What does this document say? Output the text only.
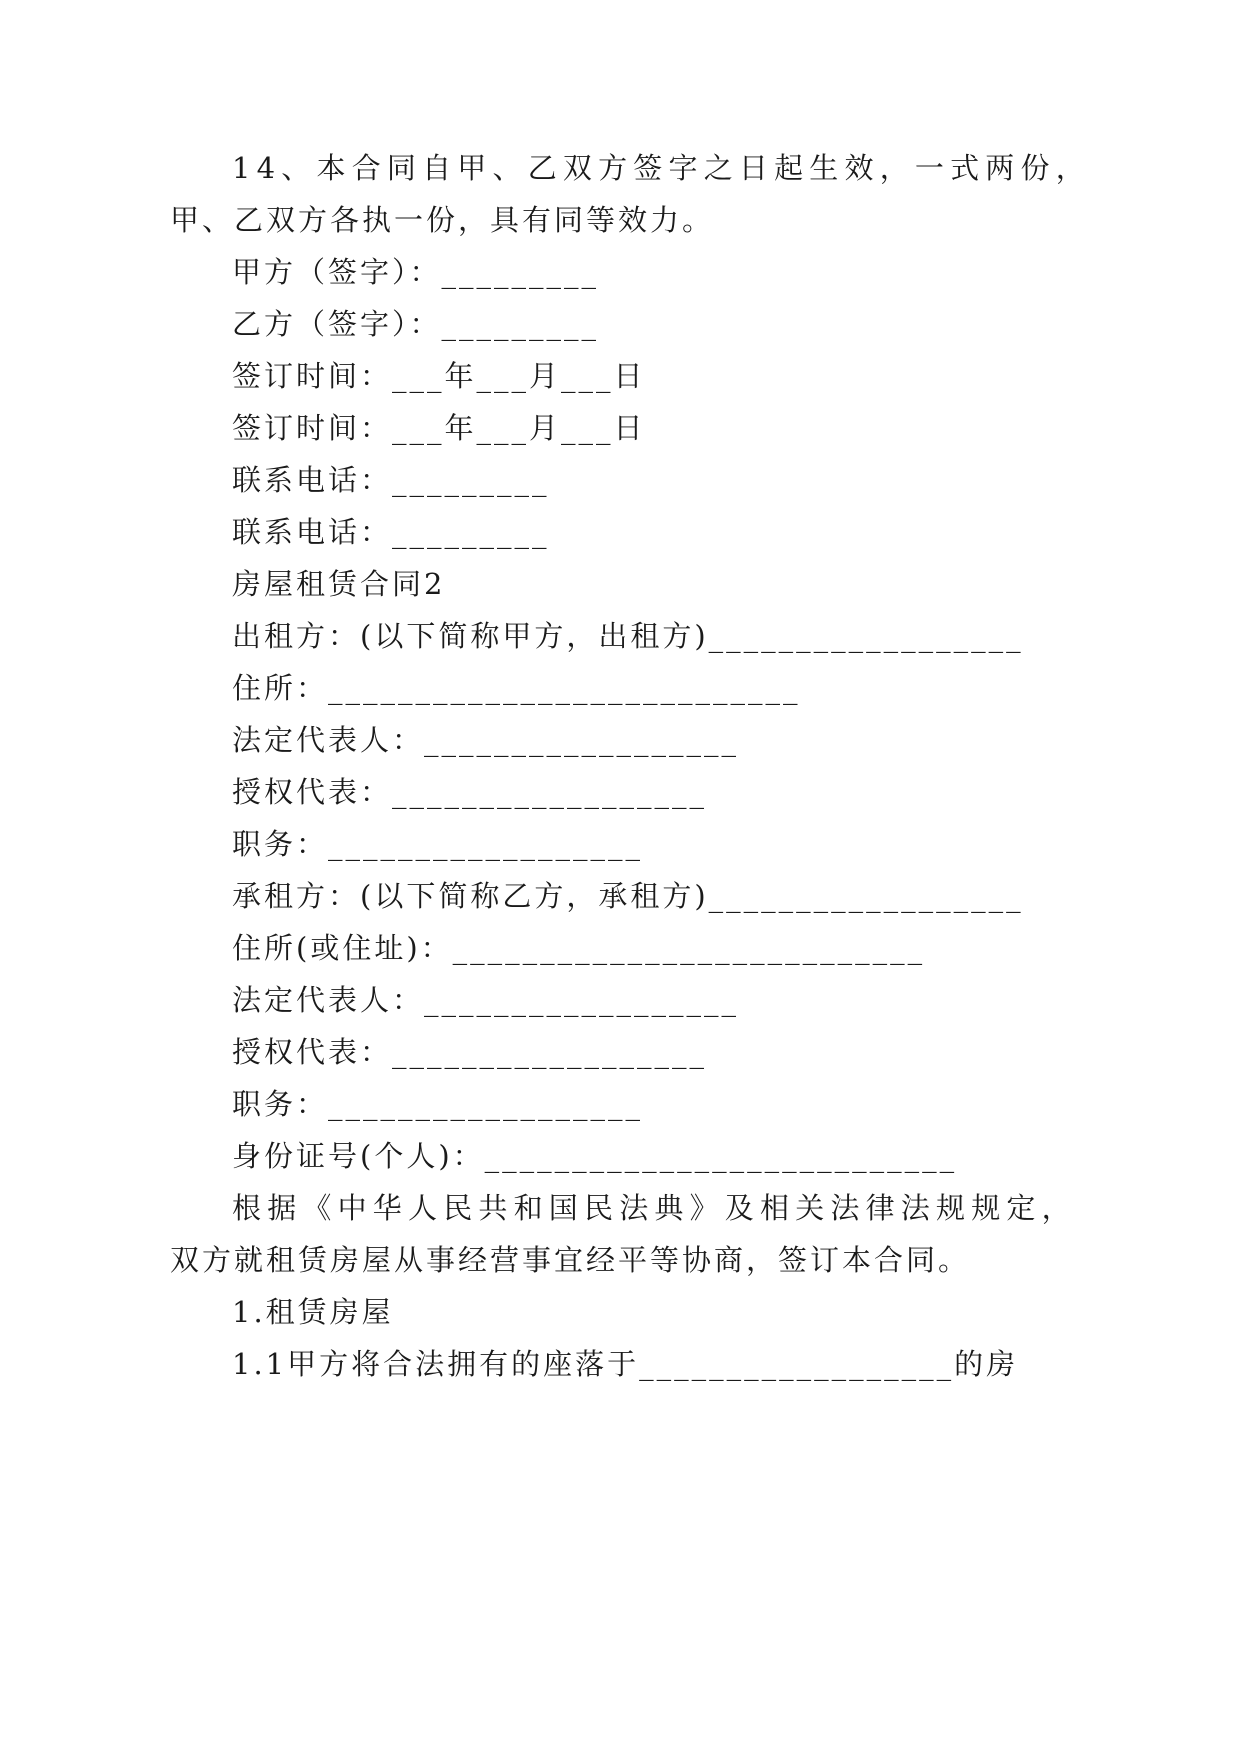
14、本合同自甲、乙双方签字之日起生效，一式两份，
甲、乙双方各执一份，具有同等效力。
甲方（签字）：_________
乙方（签字）：_________
签订时间：___年___月___日
签订时间：___年___月___日
联系电话：_________
联系电话：_________
房屋租赁合同2
出租方：(以下简称甲方，出租方)__________________
住所：___________________________
法定代表人：__________________
授权代表：__________________
职务：__________________
承租方：(以下简称乙方，承租方)__________________
住所(或住址)：___________________________
法定代表人：__________________
授权代表：__________________
职务：__________________
身份证号(个人)：___________________________
根据《中华人民共和国民法典》及相关法律法规规定，
双方就租赁房屋从事经营事宜经平等协商，签订本合同。
1.租赁房屋
1.1甲方将合法拥有的座落于__________________的房
